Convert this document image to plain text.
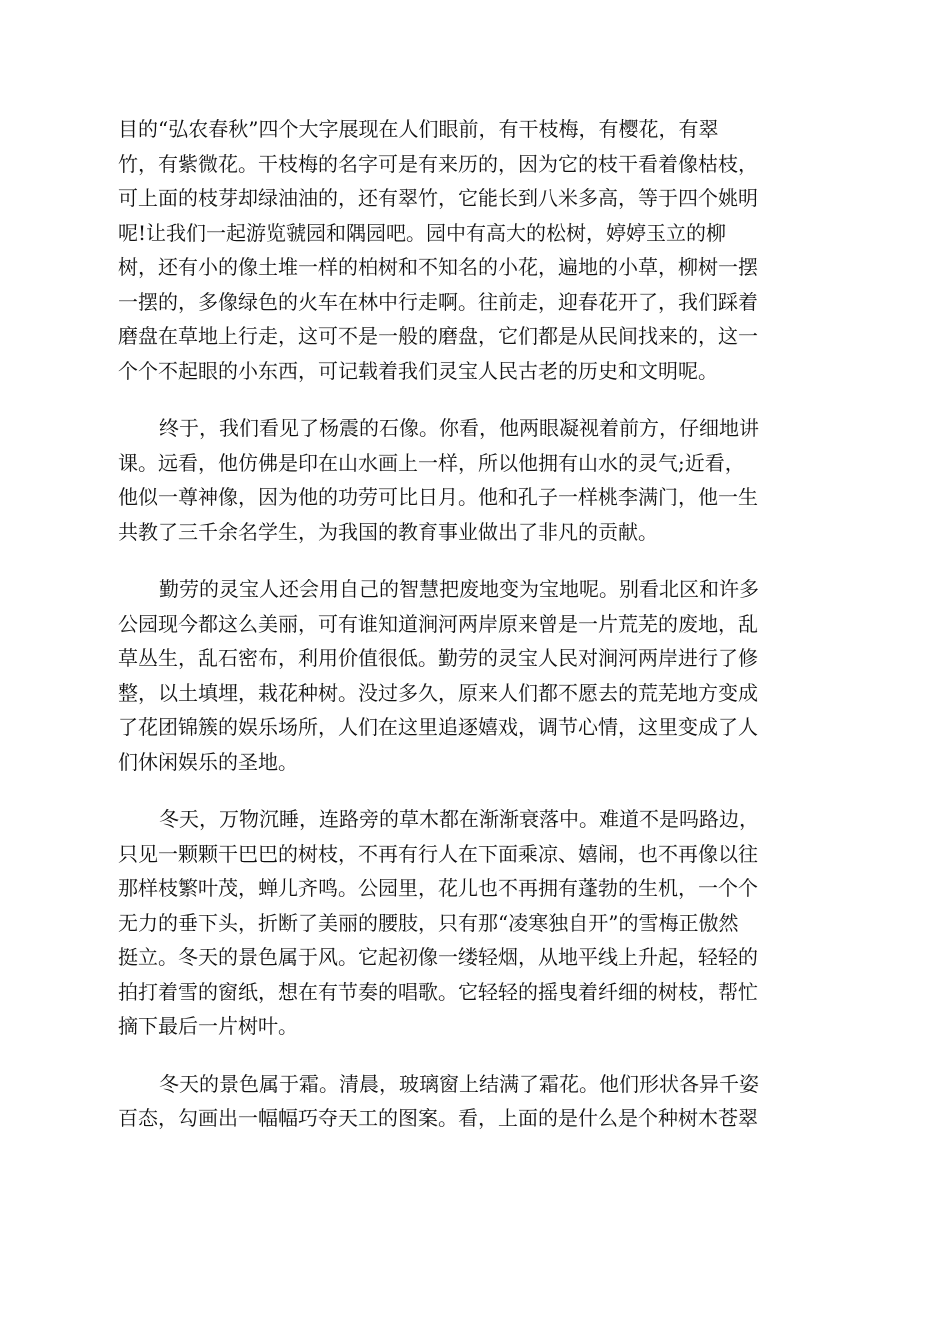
目的“弘农春秋”四个大字展现在人们眼前，有干枝梅，有樱花，有翠
竹，有紫微花。干枝梅的名字可是有来历的，因为它的枝干看着像枯枝，
可上面的枝芽却绿油油的，还有翠竹，它能长到八米多高，等于四个姚明
呢!让我们一起游览虢园和隅园吧。园中有高大的松树，婷婷玉立的柳
树，还有小的像土堆一样的柏树和不知名的小花，遍地的小草，柳树一摆
一摆的，多像绿色的火车在林中行走啊。往前走，迎春花开了，我们踩着
磨盘在草地上行走，这可不是一般的磨盘，它们都是从民间找来的，这一
个个不起眼的小东西，可记载着我们灵宝人民古老的历史和文明呢。
终于，我们看见了杨震的石像。你看，他两眼凝视着前方，仔细地讲
课。远看，他仿佛是印在山水画上一样，所以他拥有山水的灵气;近看，
他似一尊神像，因为他的功劳可比日月。他和孔子一样桃李满门，他一生
共教了三千余名学生，为我国的教育事业做出了非凡的贡献。
勤劳的灵宝人还会用自己的智慧把废地变为宝地呢。别看北区和许多
公园现今都这么美丽，可有谁知道涧河两岸原来曾是一片荒芜的废地，乱
草丛生，乱石密布，利用价值很低。勤劳的灵宝人民对涧河两岸进行了修
整，以土填埋，栽花种树。没过多久，原来人们都不愿去的荒芜地方变成
了花团锦簇的娱乐场所，人们在这里追逐嬉戏，调节心情，这里变成了人
们休闲娱乐的圣地。
冬天，万物沉睡，连路旁的草木都在渐渐衰落中。难道不是吗路边，
只见一颗颗干巴巴的树枝，不再有行人在下面乘凉、嬉闹，也不再像以往
那样枝繁叶茂，蝉儿齐鸣。公园里，花儿也不再拥有蓬勃的生机，一个个
无力的垂下头，折断了美丽的腰肢，只有那“凌寒独自开”的雪梅正傲然
挺立。冬天的景色属于风。它起初像一缕轻烟，从地平线上升起，轻轻的
拍打着雪的窗纸，想在有节奏的唱歌。它轻轻的摇曳着纤细的树枝，帮忙
摘下最后一片树叶。
冬天的景色属于霜。清晨，玻璃窗上结满了霜花。他们形状各异千姿
百态，勾画出一幅幅巧夺天工的图案。看，上面的是什么是个种树木苍翠
